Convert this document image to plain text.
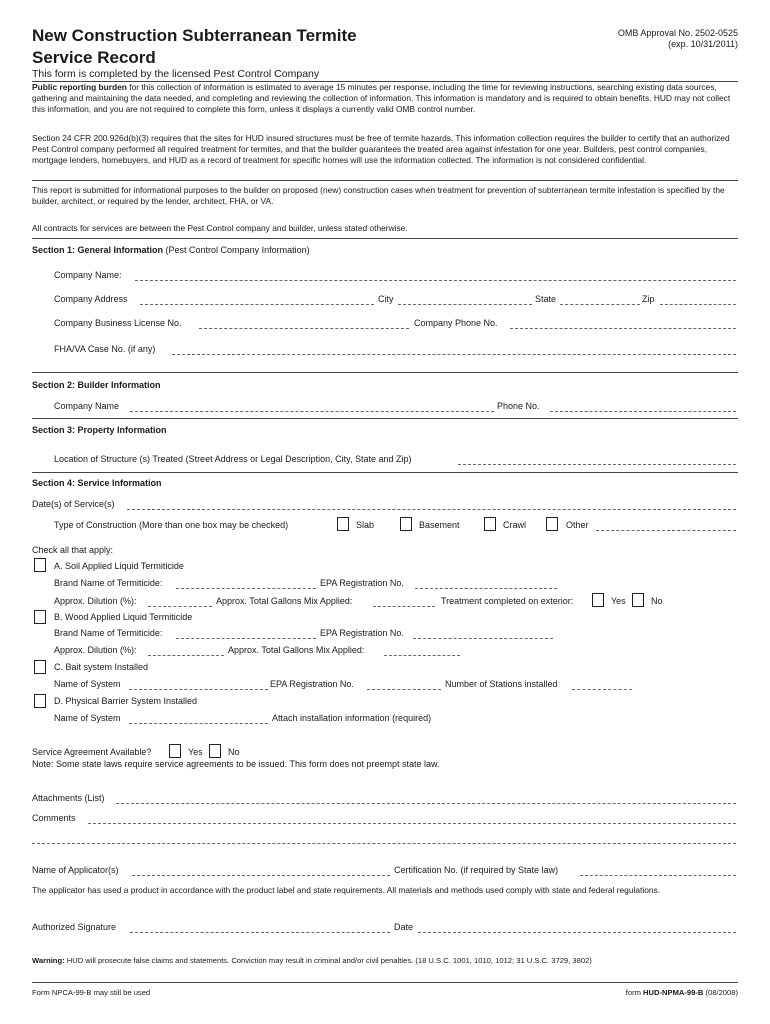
New Construction Subterranean Termite
Service Record
OMB Approval No. 2502-0525
(exp. 10/31/2011)
This form is completed by the licensed Pest Control Company
Public reporting burden for this collection of information is estimated to average 15 minutes per response, including the time for reviewing instructions, searching existing data sources, gathering and maintaining the data needed, and completing and reviewing the collection of information. This information is mandatory and is required to obtain benefits. HUD may not collect this information, and you are not required to complete this form, unless it displays a currently valid OMB control number.
Section 24 CFR 200.926d(b)(3) requires that the sites for HUD insured structures must be free of termite hazards. This information collection requires the builder to certify that an authorized Pest Control company performed all required treatment for termites, and that the builder guarantees the treated area against infestation for one year. Builders, pest control companies, mortgage lenders, homebuyers, and HUD as a record of treatment for specific homes will use the information collected. The information is not considered confidential.
This report is submitted for informational purposes to the builder on proposed (new) construction cases when treatment for prevention of subterranean termite infestation is specified by the builder, architect, or required by the lender, architect, FHA, or VA.
All contracts for services are between the Pest Control company and builder, unless stated otherwise.
Section 1: General Information (Pest Control Company Information)
Company Name:
Company Address	City	State	Zip
Company Business License No.	Company Phone No.
FHA/VA Case No. (if any)
Section 2: Builder Information
Company Name	Phone No.
Section 3: Property Information
Location of Structure (s) Treated (Street Address or Legal Description, City, State and Zip)
Section 4: Service Information
Date(s) of Service(s)
Type of Construction (More than one box may be checked)	Slab	Basement	Crawl	Other
Check all that apply:
A. Soil Applied Liquid Termiticide
Brand Name of Termiticide:	EPA Registration No.
Approx. Dilution (%):	Approx. Total Gallons Mix Applied:	Treatment completed on exterior:	Yes	No
B. Wood Applied Liquid Termiticide
Brand Name of Termiticide:	EPA Registration No.
Approx. Dilution (%):	Approx. Total Gallons Mix Applied:
C. Bait system Installed
Name of System	EPA Registration No.	Number of Stations installed
D. Physical Barrier System Installed
Name of System	Attach installation information (required)
Service Agreement Available?	Yes	No
Note: Some state laws require service agreements to be issued. This form does not preempt state law.
Attachments (List)
Comments
Name of Applicator(s)	Certification No. (if required by State law)
The applicator has used a product in accordance with the product label and state requirements. All materials and methods used comply with state and federal regulations.
Authorized Signature	Date
Warning: HUD will prosecute false claims and statements. Conviction may result in criminal and/or civil penalties. (18 U.S.C. 1001, 1010, 1012; 31 U.S.C. 3729, 3802)
Form NPCA-99-B may still be used	form HUD-NPMA-99-B (08/2008)
